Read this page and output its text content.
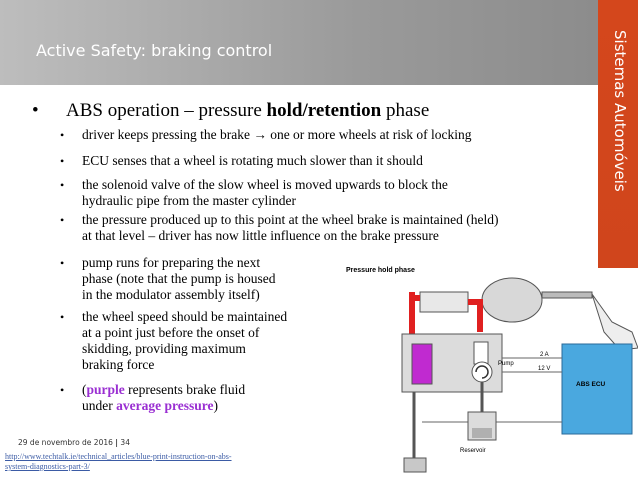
Active Safety: braking control	Sistemas Automóveis
• ABS operation – pressure hold/retention phase
• driver keeps pressing the brake → one or more wheels at risk of locking
• ECU senses that a wheel is rotating much slower than it should
• the solenoid valve of the slow wheel is moved upwards to block the
hydraulic pipe from the master cylinder
• the pressure produced up to this point at the wheel brake is maintained (held)
at that level – driver has now little influence on the brake pressure
• pump runs for preparing the next
phase (note that the pump is housed
in the modulator assembly itself)
• the wheel speed should be maintained
at a point just before the onset of
skidding, providing maximum
braking force
• (purple represents brake fluid
under average pressure)
Pressure hold phase
Pump
ABS ECU
2 A
12 V
Reservoir
29 de novembro de 2016 | 34
http://www.techtalk.ie/technical_articles/blue-print-instruction-on-abs-
system-diagnostics-part-3/
